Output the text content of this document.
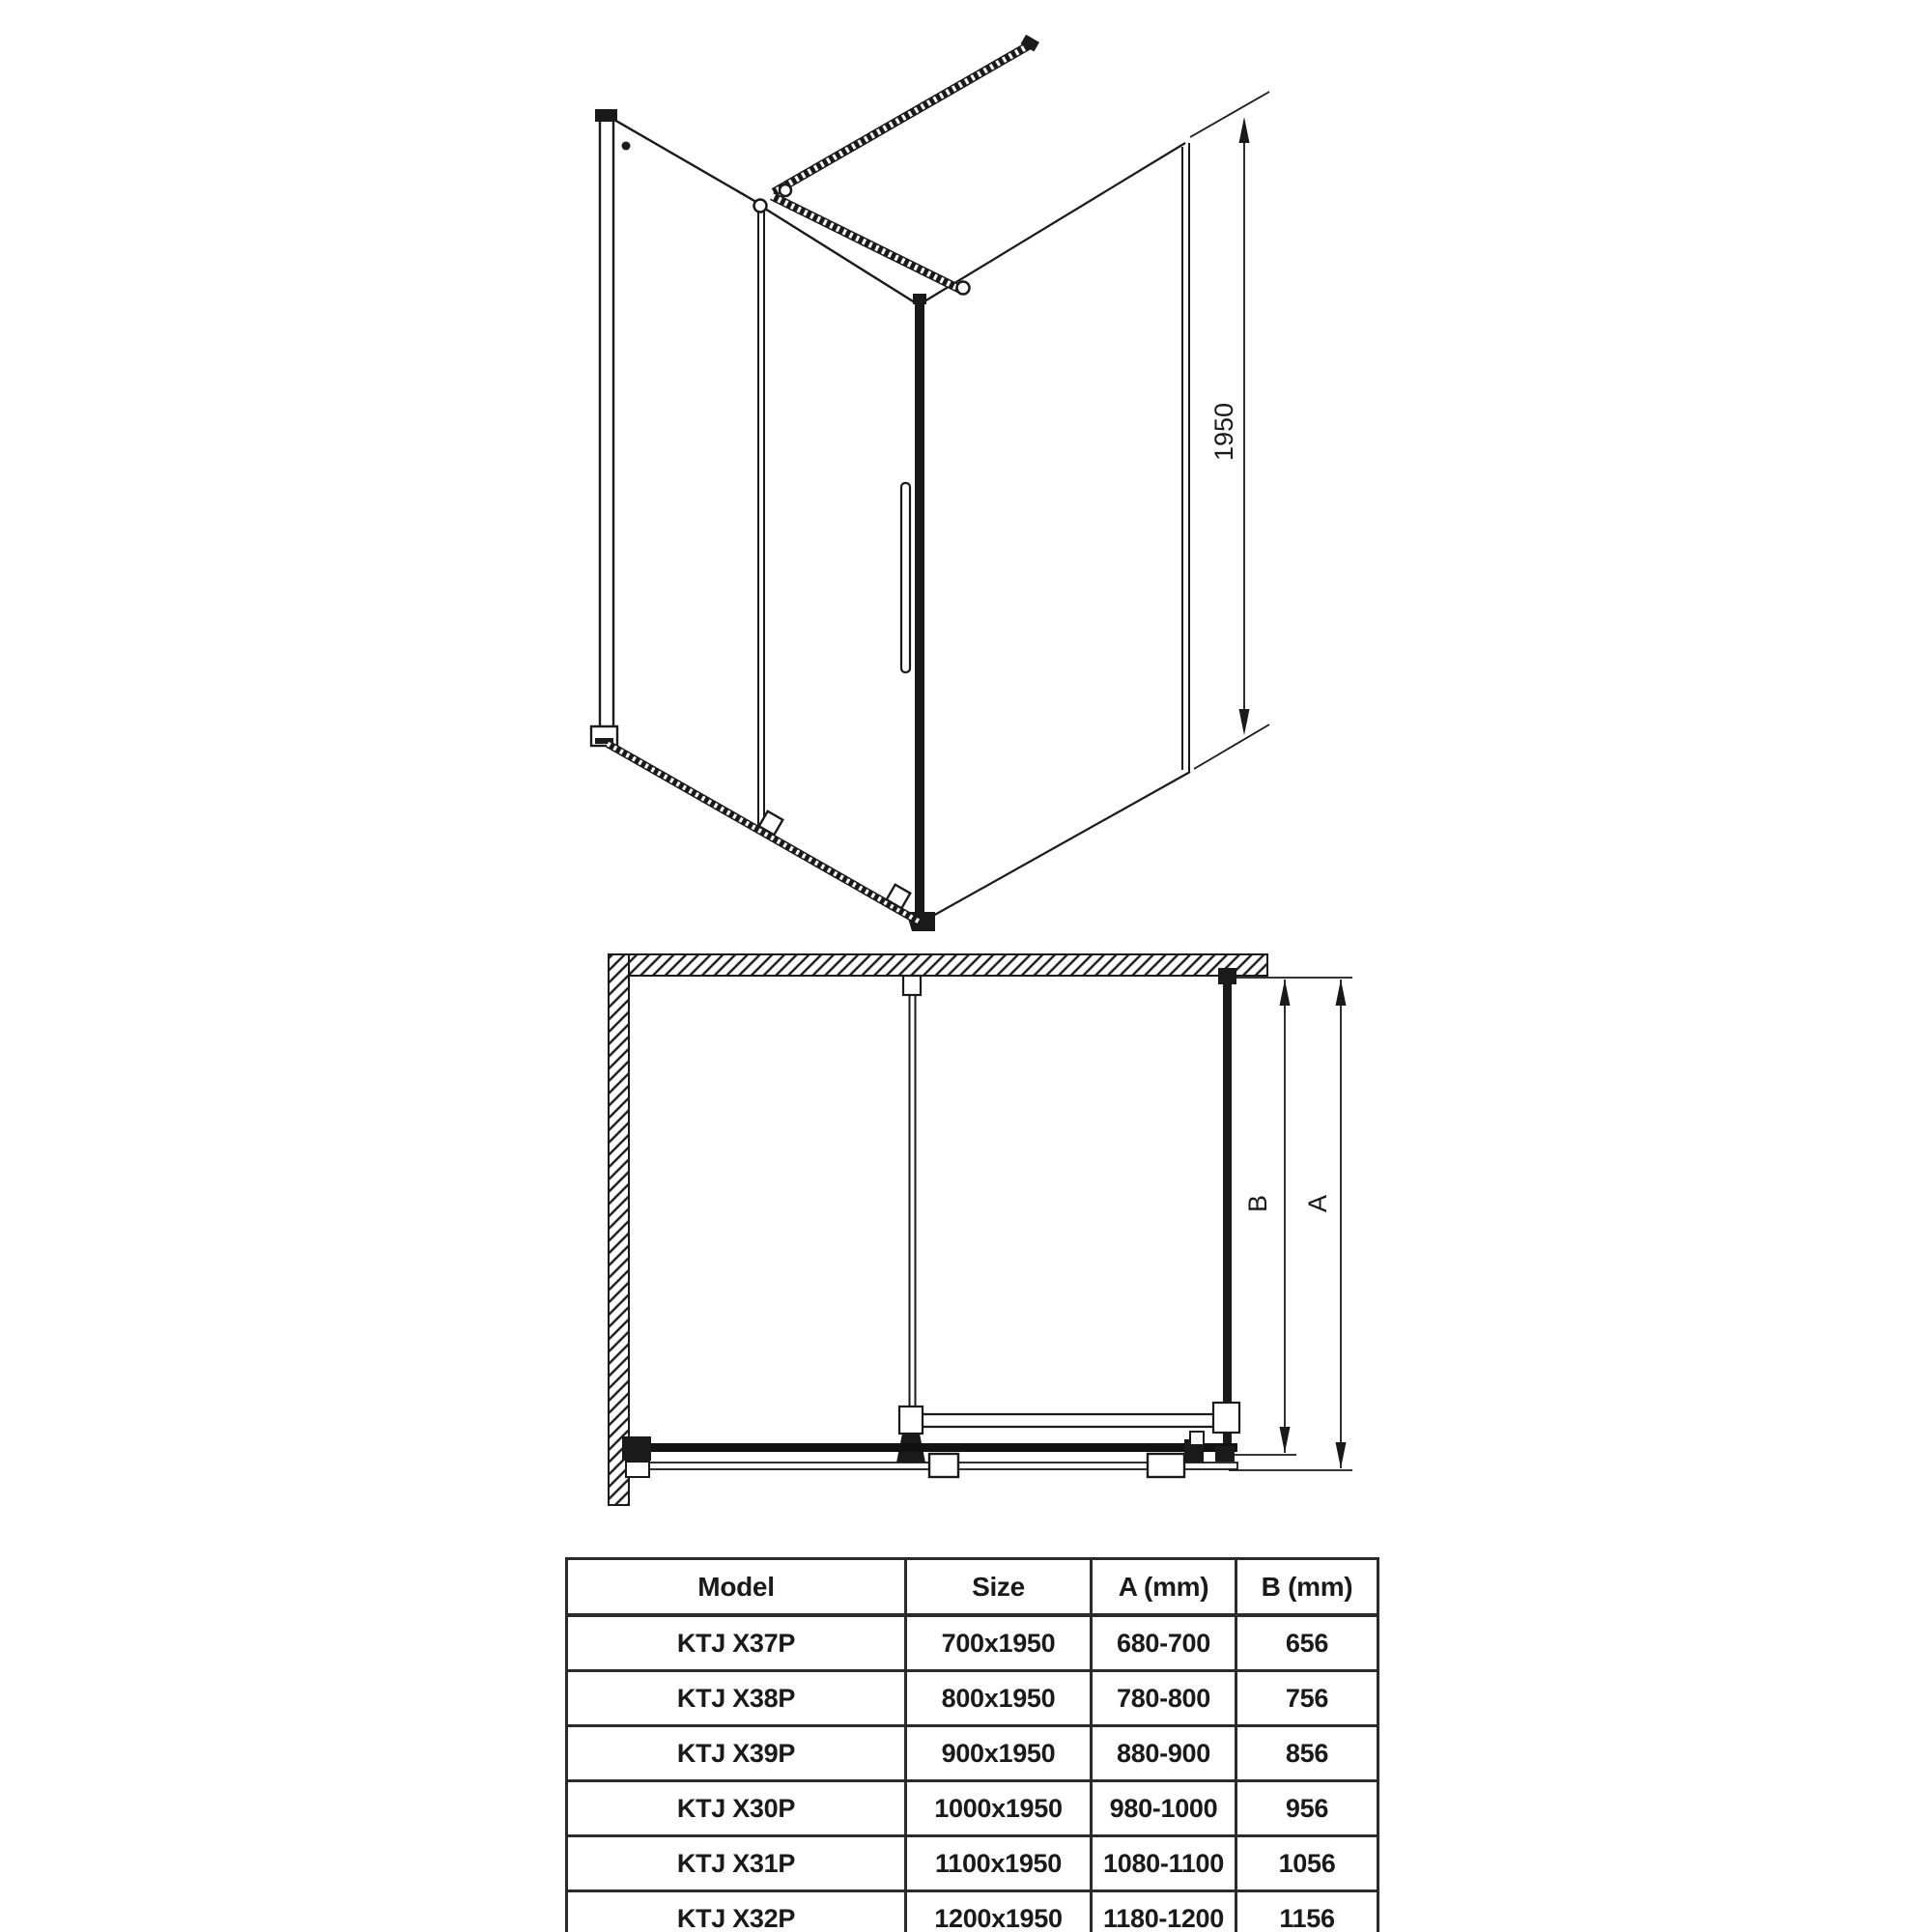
1950
B A
Model	Size	A (mm)	B (mm)
KTJ X37P	700x1950	680-700	656
KTJ X38P	800x1950	780-800	756
KTJ X39P	900x1950	880-900	856
KTJ X30P	1000x1950	980-1000	956
KTJ X31P	1100x1950	1080-1100	1056
KTJ X32P	1200x1950	1180-1200	1156
